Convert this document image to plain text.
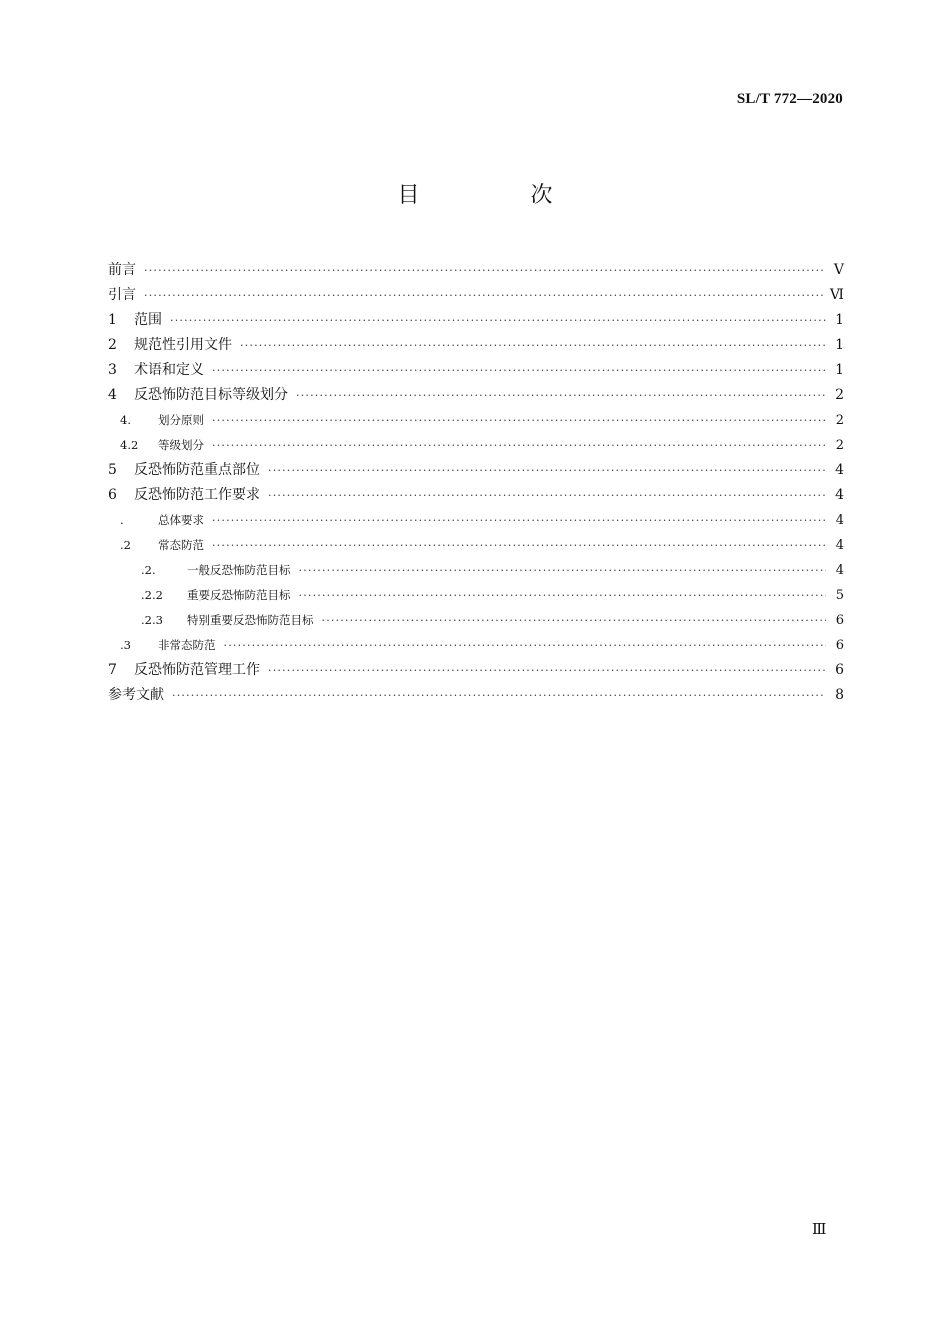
SL/T 772—2020
目 次
前言 ·····	Ⅴ
引言 ·····	Ⅵ
1	范围 ·····	1
2	规范性引用文件 ·····	1
3	术语和定义 ·····	1
4	反恐怖防范目标等级划分 ·····	2
4.	划分原则 ·····	2
4.2	等级划分 ·····	2
5	反恐怖防范重点部位 ·····	4
6	反恐怖防范工作要求 ·····	4
.	总体要求 ·····	4
.2	常态防范 ·····	4
.2.	一般反恐怖防范目标 ·····	4
.2.2	重要反恐怖防范目标 ·····	5
.2.3	特别重要反恐怖防范目标 ·····	6
.3	非常态防范 ·····	6
7	反恐怖防范管理工作 ·····	6
参考文献 ·····	8
Ⅲ
